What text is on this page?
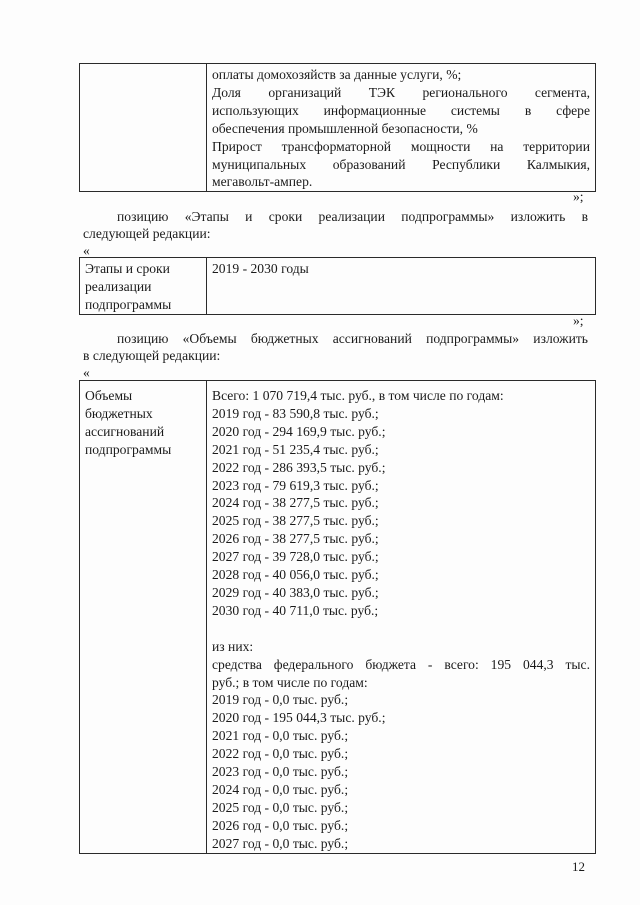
оплаты домохозяйств за данные услуги, %;
Доля организаций ТЭК регионального сегмента,
использующих информационные системы в сфере
обеспечения промышленной безопасности, %
Прирост трансформаторной мощности на территории
муниципальных образований Республики Калмыкия,
мегавольт-ампер.
»;
позицию «Этапы и сроки реализации подпрограммы» изложить в
следующей редакции:
«
Этапы и сроки
реализации
подпрограммы

2019 - 2030 годы
»;
позицию «Объемы бюджетных ассигнований подпрограммы» изложить
в следующей редакции:
«
Объемы
бюджетных
ассигнований
подпрограммы

Всего: 1 070 719,4 тыс. руб., в том числе по годам:
2019 год - 83 590,8 тыс. руб.;
2020 год - 294 169,9 тыс. руб.;
2021 год - 51 235,4 тыс. руб.;
2022 год - 286 393,5 тыс. руб.;
2023 год - 79 619,3 тыс. руб.;
2024 год - 38 277,5 тыс. руб.;
2025 год - 38 277,5 тыс. руб.;
2026 год - 38 277,5 тыс. руб.;
2027 год - 39 728,0 тыс. руб.;
2028 год - 40 056,0 тыс. руб.;
2029 год - 40 383,0 тыс. руб.;
2030 год - 40 711,0 тыс. руб.;

из них:
средства федерального бюджета - всего: 195 044,3 тыс.
руб.; в том числе по годам:
2019 год - 0,0 тыс. руб.;
2020 год - 195 044,3 тыс. руб.;
2021 год - 0,0 тыс. руб.;
2022 год - 0,0 тыс. руб.;
2023 год - 0,0 тыс. руб.;
2024 год - 0,0 тыс. руб.;
2025 год - 0,0 тыс. руб.;
2026 год - 0,0 тыс. руб.;
2027 год - 0,0 тыс. руб.;
12
